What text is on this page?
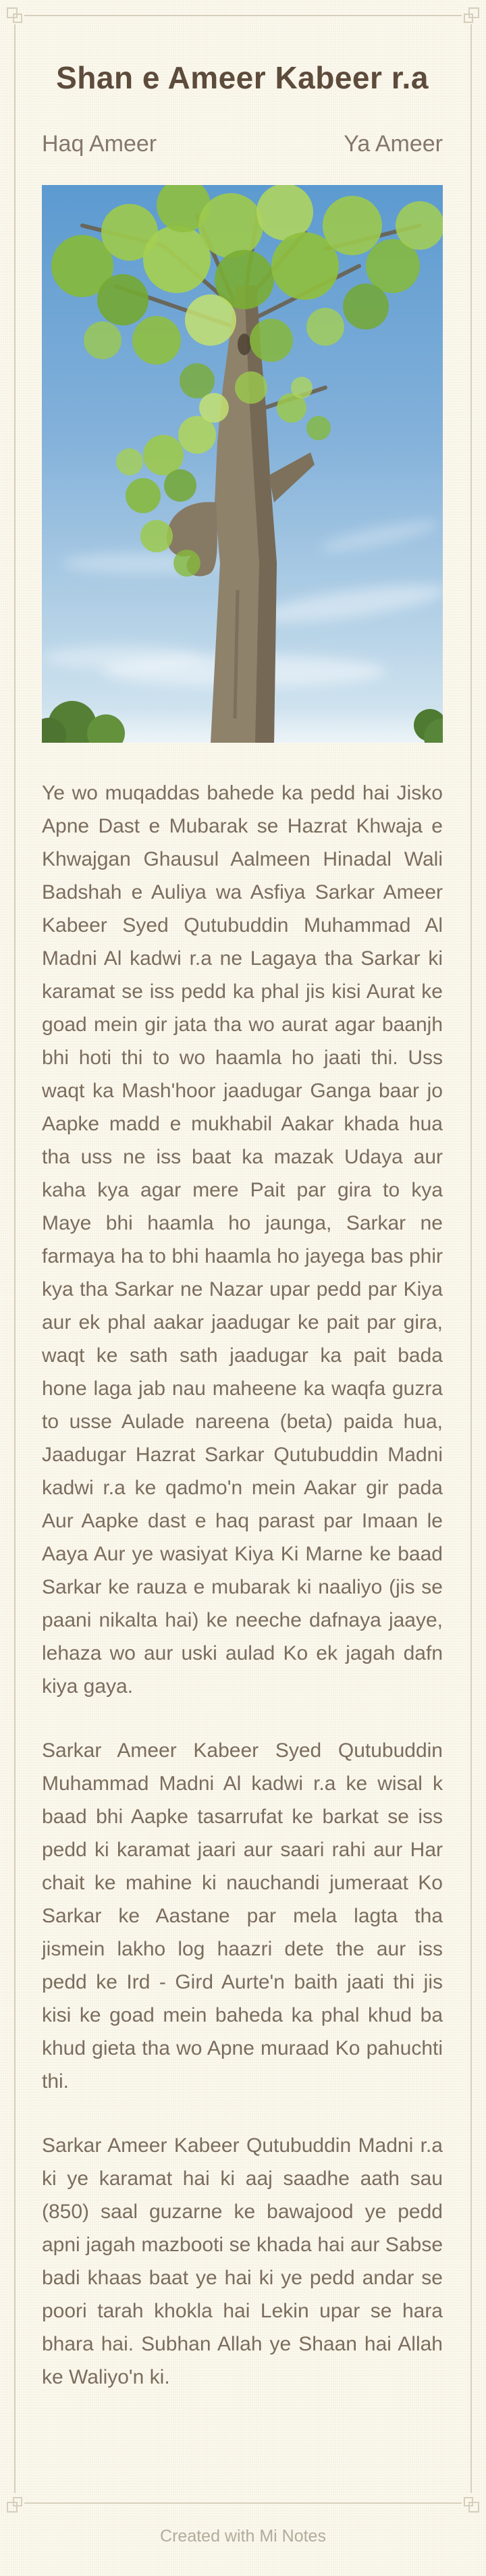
Shan e Ameer Kabeer r.a
Haq Ameer	Ya Ameer

Ye wo muqaddas bahede ka pedd hai Jisko Apne Dast e Mubarak se Hazrat Khwaja e Khwajgan Ghausul Aalmeen Hinadal Wali Badshah e Auliya wa Asfiya Sarkar Ameer Kabeer Syed Qutubuddin Muhammad Al Madni Al kadwi r.a ne Lagaya tha Sarkar ki karamat se iss pedd ka phal jis kisi Aurat ke goad mein gir jata tha wo aurat agar baanjh bhi hoti thi to wo haamla ho jaati thi. Uss waqt ka Mash'hoor jaadugar Ganga baar jo Aapke madd e mukhabil Aakar khada hua tha uss ne iss baat ka mazak Udaya aur kaha kya agar mere Pait par gira to kya Maye bhi haamla ho jaunga, Sarkar ne farmaya ha to bhi haamla ho jayega bas phir kya tha Sarkar ne Nazar upar pedd par Kiya aur ek phal aakar jaadugar ke pait par gira, waqt ke sath sath jaadugar ka pait bada hone laga jab nau maheene ka waqfa guzra to usse Aulade nareena (beta) paida hua, Jaadugar Hazrat Sarkar Qutubuddin Madni kadwi r.a ke qadmo'n mein Aakar gir pada Aur Aapke dast e haq parast par Imaan le Aaya Aur ye wasiyat Kiya Ki Marne ke baad Sarkar ke rauza e mubarak ki naaliyo (jis se paani nikalta hai) ke neeche dafnaya jaaye, lehaza wo aur uski aulad Ko ek jagah dafn kiya gaya.

Sarkar Ameer Kabeer Syed Qutubuddin Muhammad Madni Al kadwi r.a ke wisal k baad bhi Aapke tasarrufat ke barkat se iss pedd ki karamat jaari aur saari rahi aur Har chait ke mahine ki nauchandi jumeraat Ko Sarkar ke Aastane par mela lagta tha jismein lakho log haazri dete the aur iss pedd ke Ird - Gird Aurte'n baith jaati thi jis kisi ke goad mein baheda ka phal khud ba khud gieta tha wo Apne muraad Ko pahuchti thi.

Sarkar Ameer Kabeer Qutubuddin Madni r.a ki ye karamat hai ki aaj saadhe aath sau (850) saal guzarne ke bawajood ye pedd apni jagah mazbooti se khada hai aur Sabse badi khaas baat ye hai ki ye pedd andar se poori tarah khokla hai Lekin upar se hara bhara hai. Subhan Allah ye Shaan hai Allah ke Waliyo'n ki.

Created with Mi Notes
